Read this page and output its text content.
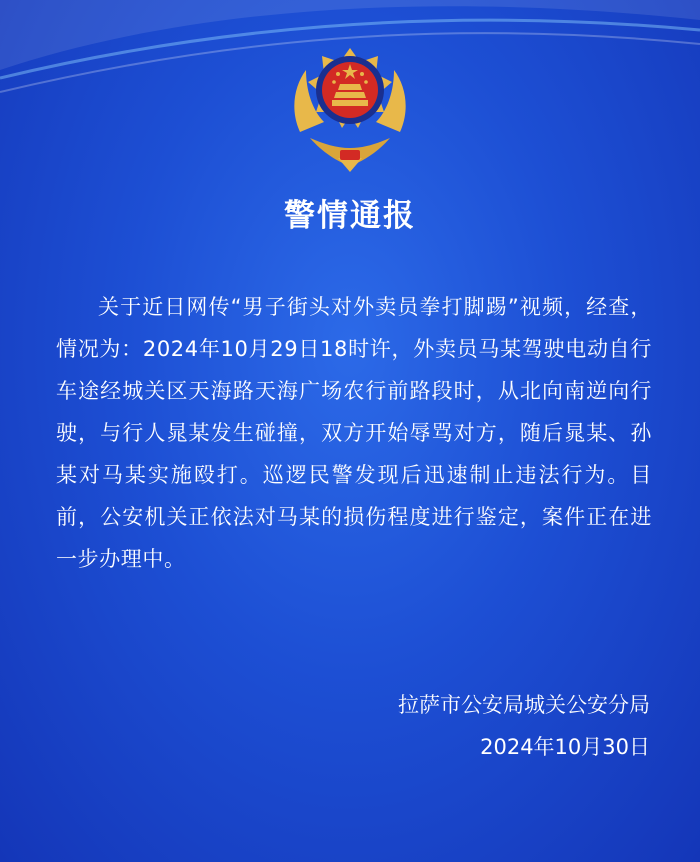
警情通报
关于近日网传“男子街头对外卖员拳打脚踢”视频，经查，情况为：2024年10月29日18时许，外卖员马某驾驶电动自行车途经城关区天海路天海广场农行前路段时，从北向南逆向行驶，与行人晁某发生碰撞，双方开始辱骂对方，随后晁某、孙某对马某实施殴打。巡逻民警发现后迅速制止违法行为。目前，公安机关正依法对马某的损伤程度进行鉴定，案件正在进一步办理中。
拉萨市公安局城关公安分局
2024年10月30日
